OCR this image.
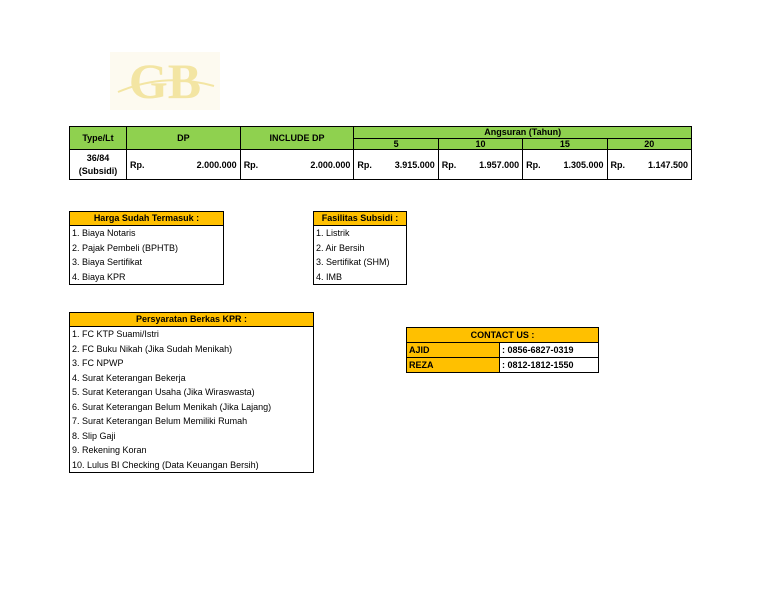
GB
Type/Lt	DP		INCLUDE DP		Angsuran (Tahun)							
					5		10		15		20	

36/84
(Subsidi)	Rp.	2.000.000	Rp.	2.000.000	Rp.	3.915.000	Rp.	1.957.000	Rp.	1.305.000	Rp.	1.147.500
Harga Sudah Termasuk :
1. Biaya Notaris
2. Pajak Pembeli (BPHTB)
3. Biaya Sertifikat
4. Biaya KPR
Fasilitas Subsidi :
1. Listrik
2. Air Bersih
3. Sertifikat (SHM)
4. IMB
Persyaratan Berkas KPR :
1. FC KTP Suami/Istri
2. FC Buku Nikah (Jika Sudah Menikah)
3. FC NPWP
4. Surat Keterangan Bekerja
5. Surat Keterangan Usaha (Jika Wiraswasta)
6. Surat Keterangan Belum Menikah (Jika Lajang)
7. Surat Keterangan Belum Memiliki Rumah
8. Slip Gaji
9. Rekening Koran
10. Lulus BI Checking (Data Keuangan Bersih)
CONTACT US :	
AJID	: 0856-6827-0319
REZA	: 0812-1812-1550
